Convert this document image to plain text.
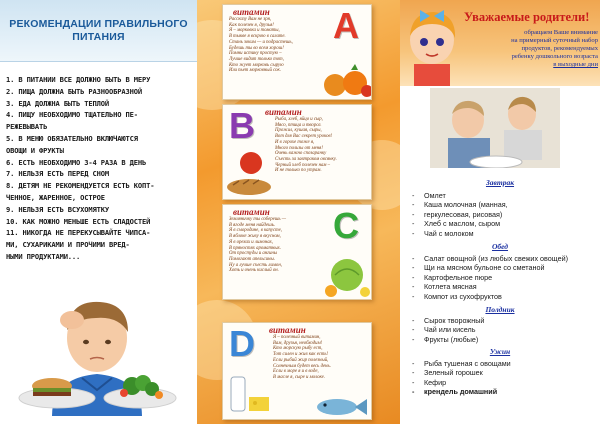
РЕКОМЕНДАЦИИ ПРАВИЛЬНОГО
ПИТАНИЯ
1. В ПИТАНИИ ВСЕ ДОЛЖНО БЫТЬ В МЕРУ
2. ПИЩА ДОЛЖНА БЫТЬ РАЗНООБРАЗНОЙ
3. ЕДА ДОЛЖНА БЫТЬ ТЕПЛОЙ
4. ПИЩУ НЕОБХОДИМО ТЩАТЕЛЬНО ПЕ-
РЕЖЕВЫВАТЬ
5. В МЕНЮ ОБЯЗАТЕЛЬНО ВКЛЮЧАЮТСЯ
ОВОЩИ И ФРУКТЫ
6. ЕСТЬ НЕОБХОДИМО 3-4 РАЗА В ДЕНЬ
7. НЕЛЬЗЯ ЕСТЬ ПЕРЕД СНОМ
8. ДЕТЯМ НЕ РЕКОМЕНДУЕТСЯ ЕСТЬ КОПТ-
ЧЕННОЕ, ЖАРЕННОЕ, ОСТРОЕ
9. НЕЛЬЗЯ ЕСТЬ ВСУХОМЯТКУ
10. КАК МОЖНО МЕНЬШЕ ЕСТЬ СЛАДОСТЕЙ
11. НИКОГДА НЕ ПЕРЕКУСЫВАЙТЕ ЧИПСА-
МИ, СУХАРИКАМИ И ПРОЧИМИ ВРЕД-
НЫМИ ПРОДУКТАМИ...
витамин
Рассказу Вам не зря,
Как полезен я, друзья!
Я – морковка и томаты,
В тыкве я вскрою в салате.
Стань зоким — и подрастешь,
Будешь ты во всем хорош!
Помни истину простую –
Лучше видит только тот,
Кто жует морковь сырую
Или пьет морковный сок.
A
B витамин
Рыба, хлеб, яйцо и сыр,
Мясо, птица и творог.
Прожил, кушая, сыры,
Вот для Вас секрет уроков!
И в горохе тоже я,
Много пользы от меня!
Очень важно спозаранку
Съесть за завтраком овсянку.
Черный хлеб полезен нам –
И не только по утрам.
витамин
Земляничку ты соберешь —
В ягоде меня найдешь.
Я в смородине, в капусте,
В яблоке живу я вкусном,
Я в орехах и лимонах,
В пряностях ароматных.
От простуды и ангины
Помогают апельсины.
Ну а лучше съесть лимон,
Хоть и очень кислый он.
C
D витамин
Я – полезный витамин,
Вам, друзья, необходим!
Кто морскую рыбу ест,
Тот силен и жив как есть!
Если рыбий жир полезный,
Солнечным будет весь день.
Если в море я и в воде,
В масле я, сыре и молоке.
Уважаемые родители!
обращаем Ваше внимание
на примерный суточный набор
продуктов, рекомендуемых
ребенку дошкольного возраста
в выходные дни
Завтрак
- Омлет
- Каша молочная (манная,
- геркулесовая, рисовая)
- Хлеб с маслом, сыром
- Чай с молоком
Обед
- Салат овощной (из любых свежих овощей)
- Щи на мясном бульоне со сметаной
- Картофельное пюре
- Котлета мясная
- Компот из сухофруктов
Полдник
- Сырок творожный
- Чай или кисель
- Фрукты (любые)
Ужин
- Рыба тушеная с овощами
- Зеленый горошек
- Кефир
- крендель домашний
